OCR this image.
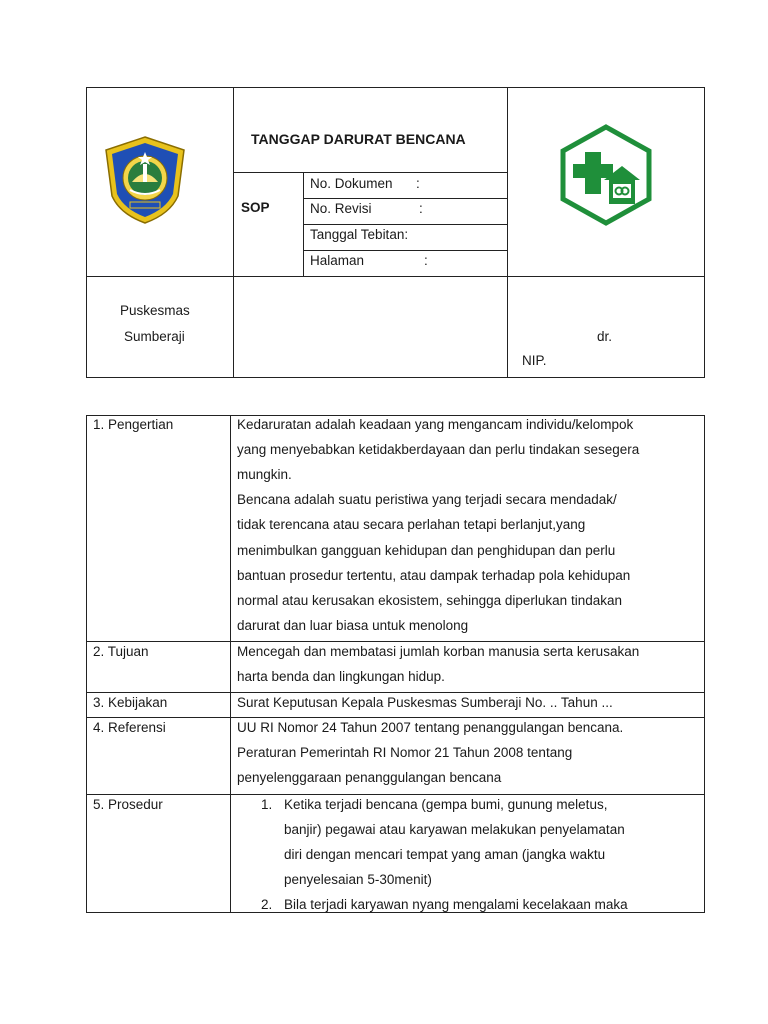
TANGGAP DARURAT BENCANA
SOP
No. Dokumen :
No. Revisi	:
Tanggal Tebitan:
Halaman	:
Puskesmas
Sumberaji	dr.
NIP.
1. Pengertian	Kedaruratan adalah keadaan yang mengancam individu/kelompok
yang menyebabkan ketidakberdayaan dan perlu tindakan sesegera
mungkin.
Bencana adalah suatu peristiwa yang terjadi secara mendadak/
tidak terencana atau secara perlahan tetapi berlanjut,yang
menimbulkan gangguan kehidupan dan penghidupan dan perlu
bantuan prosedur tertentu, atau dampak terhadap pola kehidupan
normal atau kerusakan ekosistem, sehingga diperlukan tindakan
darurat dan luar biasa untuk menolong
2. Tujuan	Mencegah dan membatasi jumlah korban manusia serta kerusakan
harta benda dan lingkungan hidup.
3. Kebijakan	Surat Keputusan Kepala Puskesmas Sumberaji No. .. Tahun ...
4. Referensi	UU RI Nomor 24 Tahun 2007 tentang penanggulangan bencana.
Peraturan Pemerintah RI Nomor 21 Tahun 2008 tentang
penyelenggaraan penanggulangan bencana
5. Prosedur	1. Ketika terjadi bencana (gempa bumi, gunung meletus,
banjir) pegawai atau karyawan melakukan penyelamatan
diri dengan mencari tempat yang aman (jangka waktu
penyelesaian 5-30menit)
2. Bila terjadi karyawan nyang mengalami kecelakaan maka
